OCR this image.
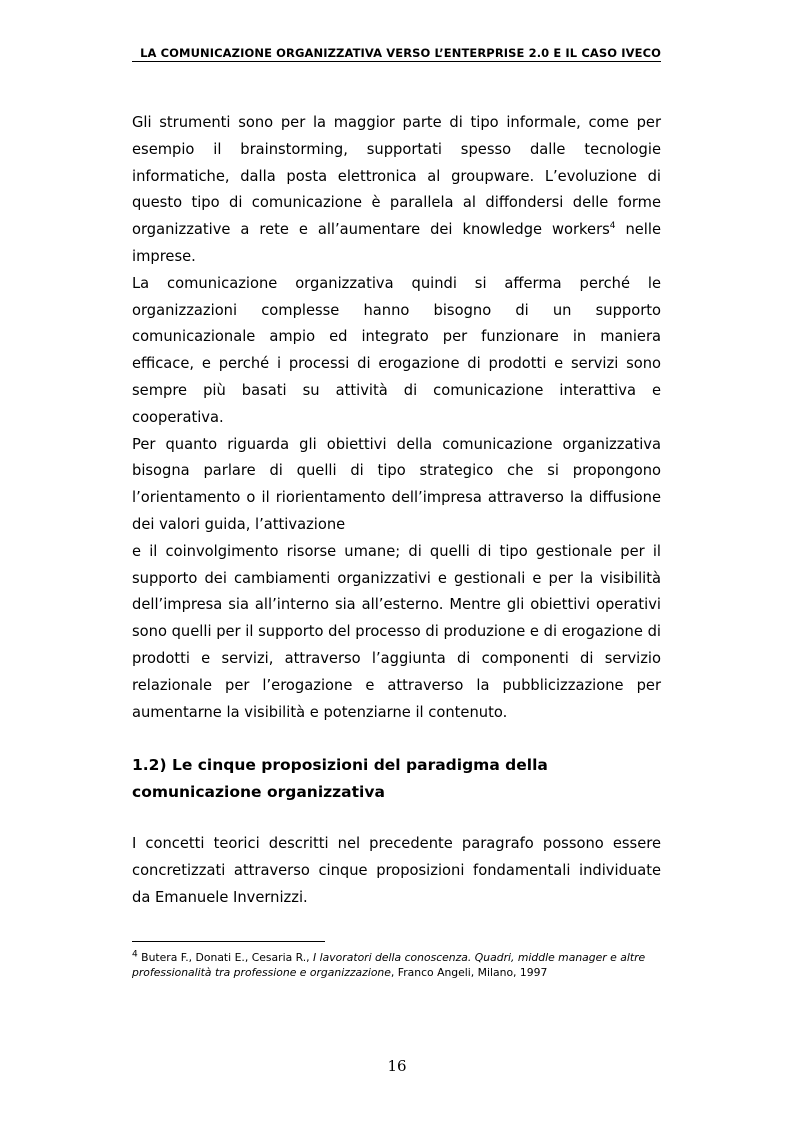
LA COMUNICAZIONE ORGANIZZATIVA VERSO L’ENTERPRISE 2.0 E IL CASO IVECO

Gli strumenti sono per la maggior parte di tipo informale, come per esempio il brainstorming, supportati spesso dalle tecnologie informatiche, dalla posta elettronica al groupware. L’evoluzione di questo tipo di comunicazione è parallela al diffondersi delle forme organizzative a rete e all’aumentare dei knowledge workers$^4$ nelle imprese.

La comunicazione organizzativa quindi si afferma perché le organizzazioni complesse hanno bisogno di un supporto comunicazionale ampio ed integrato per funzionare in maniera efficace, e perché i processi di erogazione di prodotti e servizi sono sempre più basati su attività di comunicazione interattiva e cooperativa.

Per quanto riguarda gli obiettivi della comunicazione organizzativa bisogna parlare di quelli di tipo strategico che si propongono l’orientamento o il riorientamento dell’impresa attraverso la diffusione dei valori guida, l’attivazione

e il coinvolgimento risorse umane; di quelli di tipo gestionale per il supporto dei cambiamenti organizzativi e gestionali e per la visibilità dell’impresa sia all’interno sia all’esterno. Mentre gli obiettivi operativi sono quelli per il supporto del processo di produzione e di erogazione di prodotti e servizi, attraverso l’aggiunta di componenti di servizio relazionale per l’erogazione e attraverso la pubblicizzazione per aumentarne la visibilità e potenziarne il contenuto.

1.2) Le cinque proposizioni del paradigma della comunicazione organizzativa

I concetti teorici descritti nel precedente paragrafo possono essere concretizzati attraverso cinque proposizioni fondamentali individuate da Emanuele Invernizzi.

$^4$ Butera F., Donati E., Cesaria R., I lavoratori della conoscenza. Quadri, middle manager e altre professionalità tra professione e organizzazione, Franco Angeli, Milano, 1997

16
